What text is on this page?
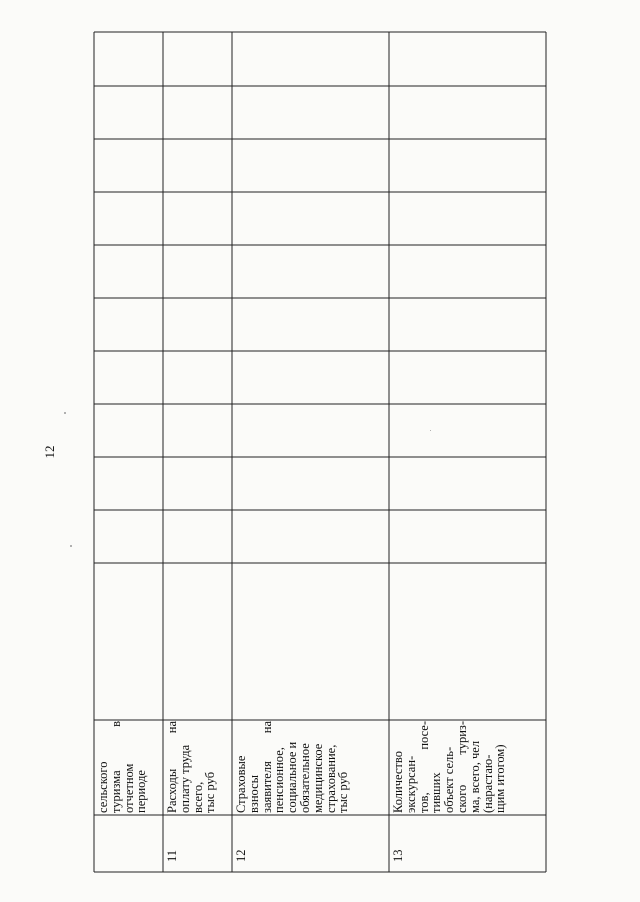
12
сельского
туризма в
отчетном
периоде
11
Расходы на
оплату труда
всего,
тыс руб
12
Страховые
взносы
заявителя на
пенсионное,
социальное и
обязательное
медицинское
страхование,
тыс руб
13
Количество
экскурсан-
тов, посе-
тивших
объект сель-
ского туриз-
ма, всего, чел
(нарастаю-
щим итогом)
